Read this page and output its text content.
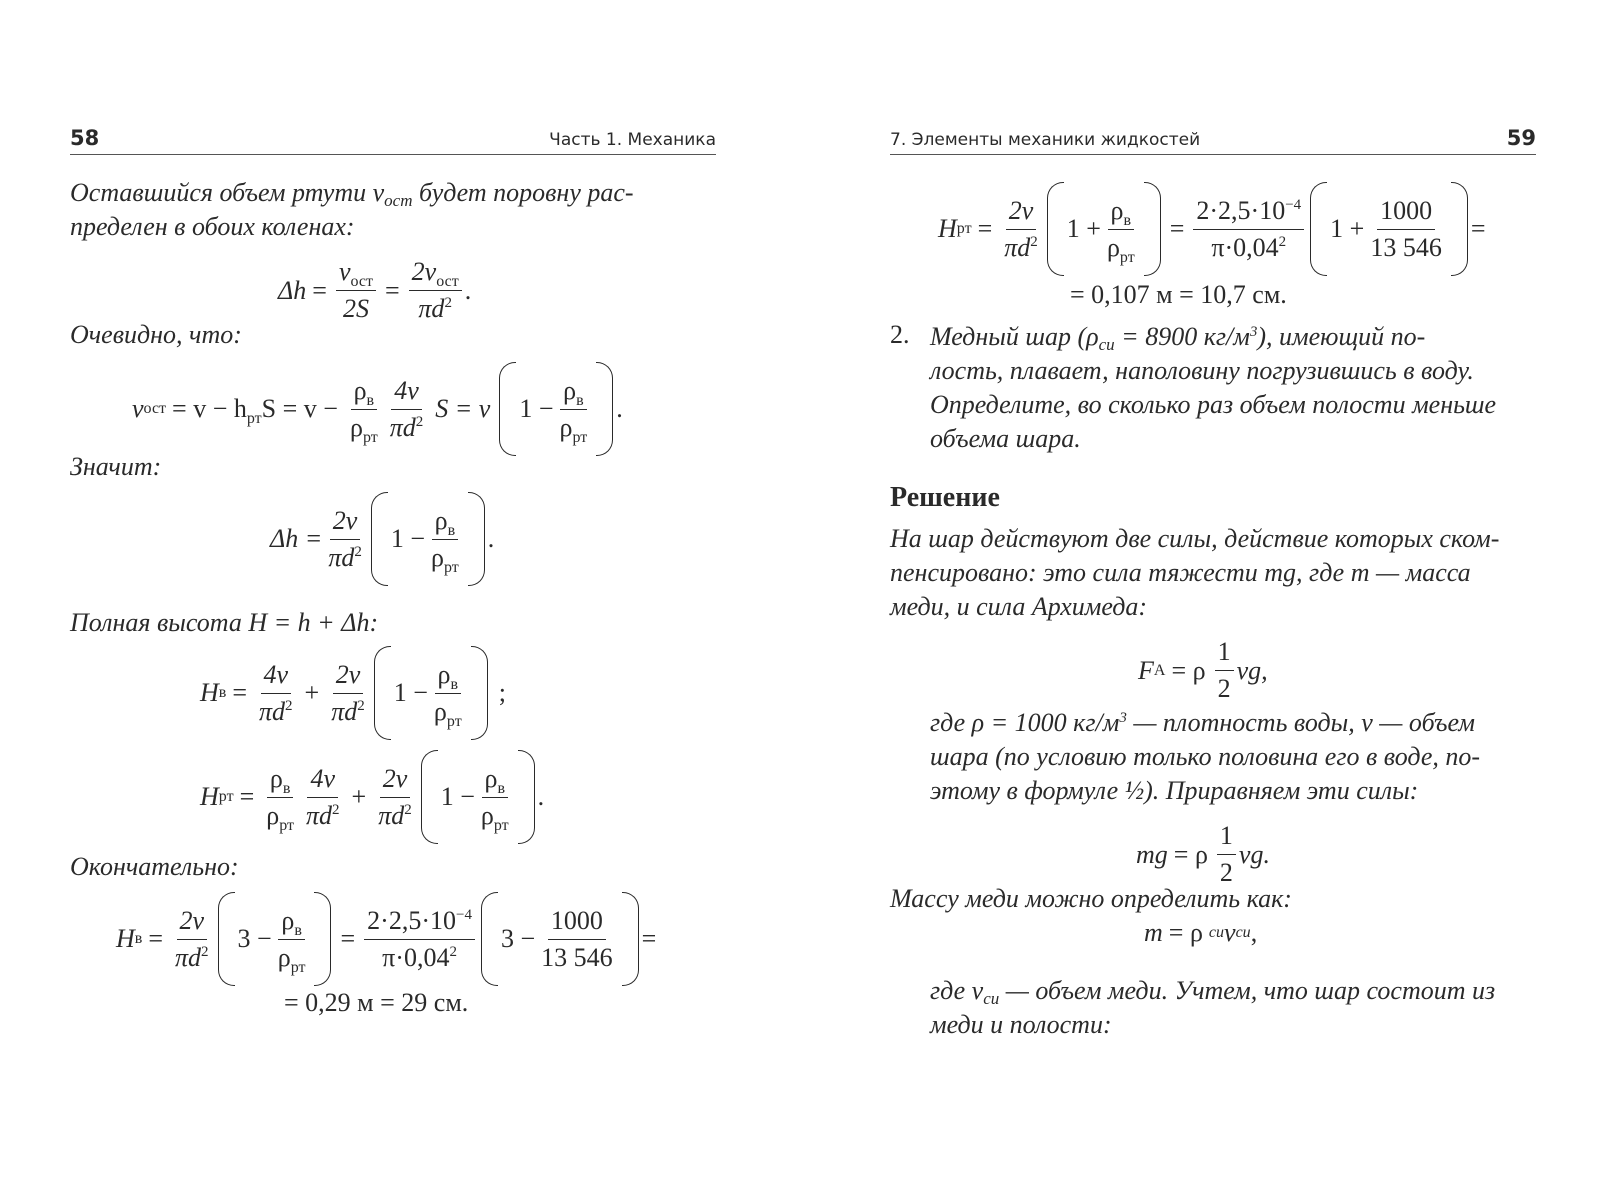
58	Часть 1. Механика
Оставшийся объем ртути $v_{ост}$ будет поровну рас-
пределен в обоих коленах:
Δh =
$v_{ост}$
2S
=
$2v_{ост}$
$\pi d^2$ .
Очевидно, что:
v ост = $v - h_{рт}S = v$ −
$\rho_в$
$\rho_{рт}$
4v
$\pi d^2$ S = v 1 −
$\rho_в$
$\rho_{рт}$
.
Значит:
$\Delta h = \frac{2v}{\pi d^2} 1$ −
$\rho_в$
$\rho_{рт}$
.
Полная высота H = h + Δh:
H $в = \frac{4v}{\pi d^2} + \frac{2v}{\pi d^2} 1$ −
$\rho_в$
$\rho_{рт}$
;
H рт =
$\rho_в$
$\rho_{рт}$
4v
$\pi d^2 + \frac{2v}{\pi d^2} 1$ −
$\rho_в$
$\rho_{рт}$
.
Окончательно:
H $в = \frac{2v}{\pi d^2} 3$ −
$\rho_в$
$\rho_{рт}$
= $\frac{2\cdot 2,5\cdot 10^{-4}}{\pi\cdot 0,04^2} 3 - \frac{1000}{13 546}$ =
= 0,29 м = 29 см.
7. Элементы механики жидкостей	59
H рт = $\frac{2v}{\pi d^2} 1$ +
$\rho_в$
$\rho_{рт}$
= $\frac{2\cdot 2,5\cdot 10^{-4}}{\pi\cdot 0,04^2} 1 + \frac{1000}{13 546}$ =
= 0,107 м = 10,7 см.
2. Медный шар ($\rho_{cu} = 8900$ $кг/м^3$), имеющий по-
лость, плавает, наполовину погрузившись в воду.
Определите, во сколько раз объем полости меньше
объема шара.
Решение
На шар действуют две силы, действие которых ском-
пенсировано: это сила тяжести mg, где m — масса
меди, и сила Архимеда:
F A = ρ
1
2
vg,
где ρ = 1000 $кг/м^3$ — плотность воды, v — объем
шара (по условию только половина его в воде, по-
этому в формуле ½). Приравняем эти силы:
mg = ρ
1
2
vg.
Массу меди можно определить как:
m = ρ cu v cu ,
где $v_{cu}$ — объем меди. Учтем, что шар состоит из
меди и полости:
